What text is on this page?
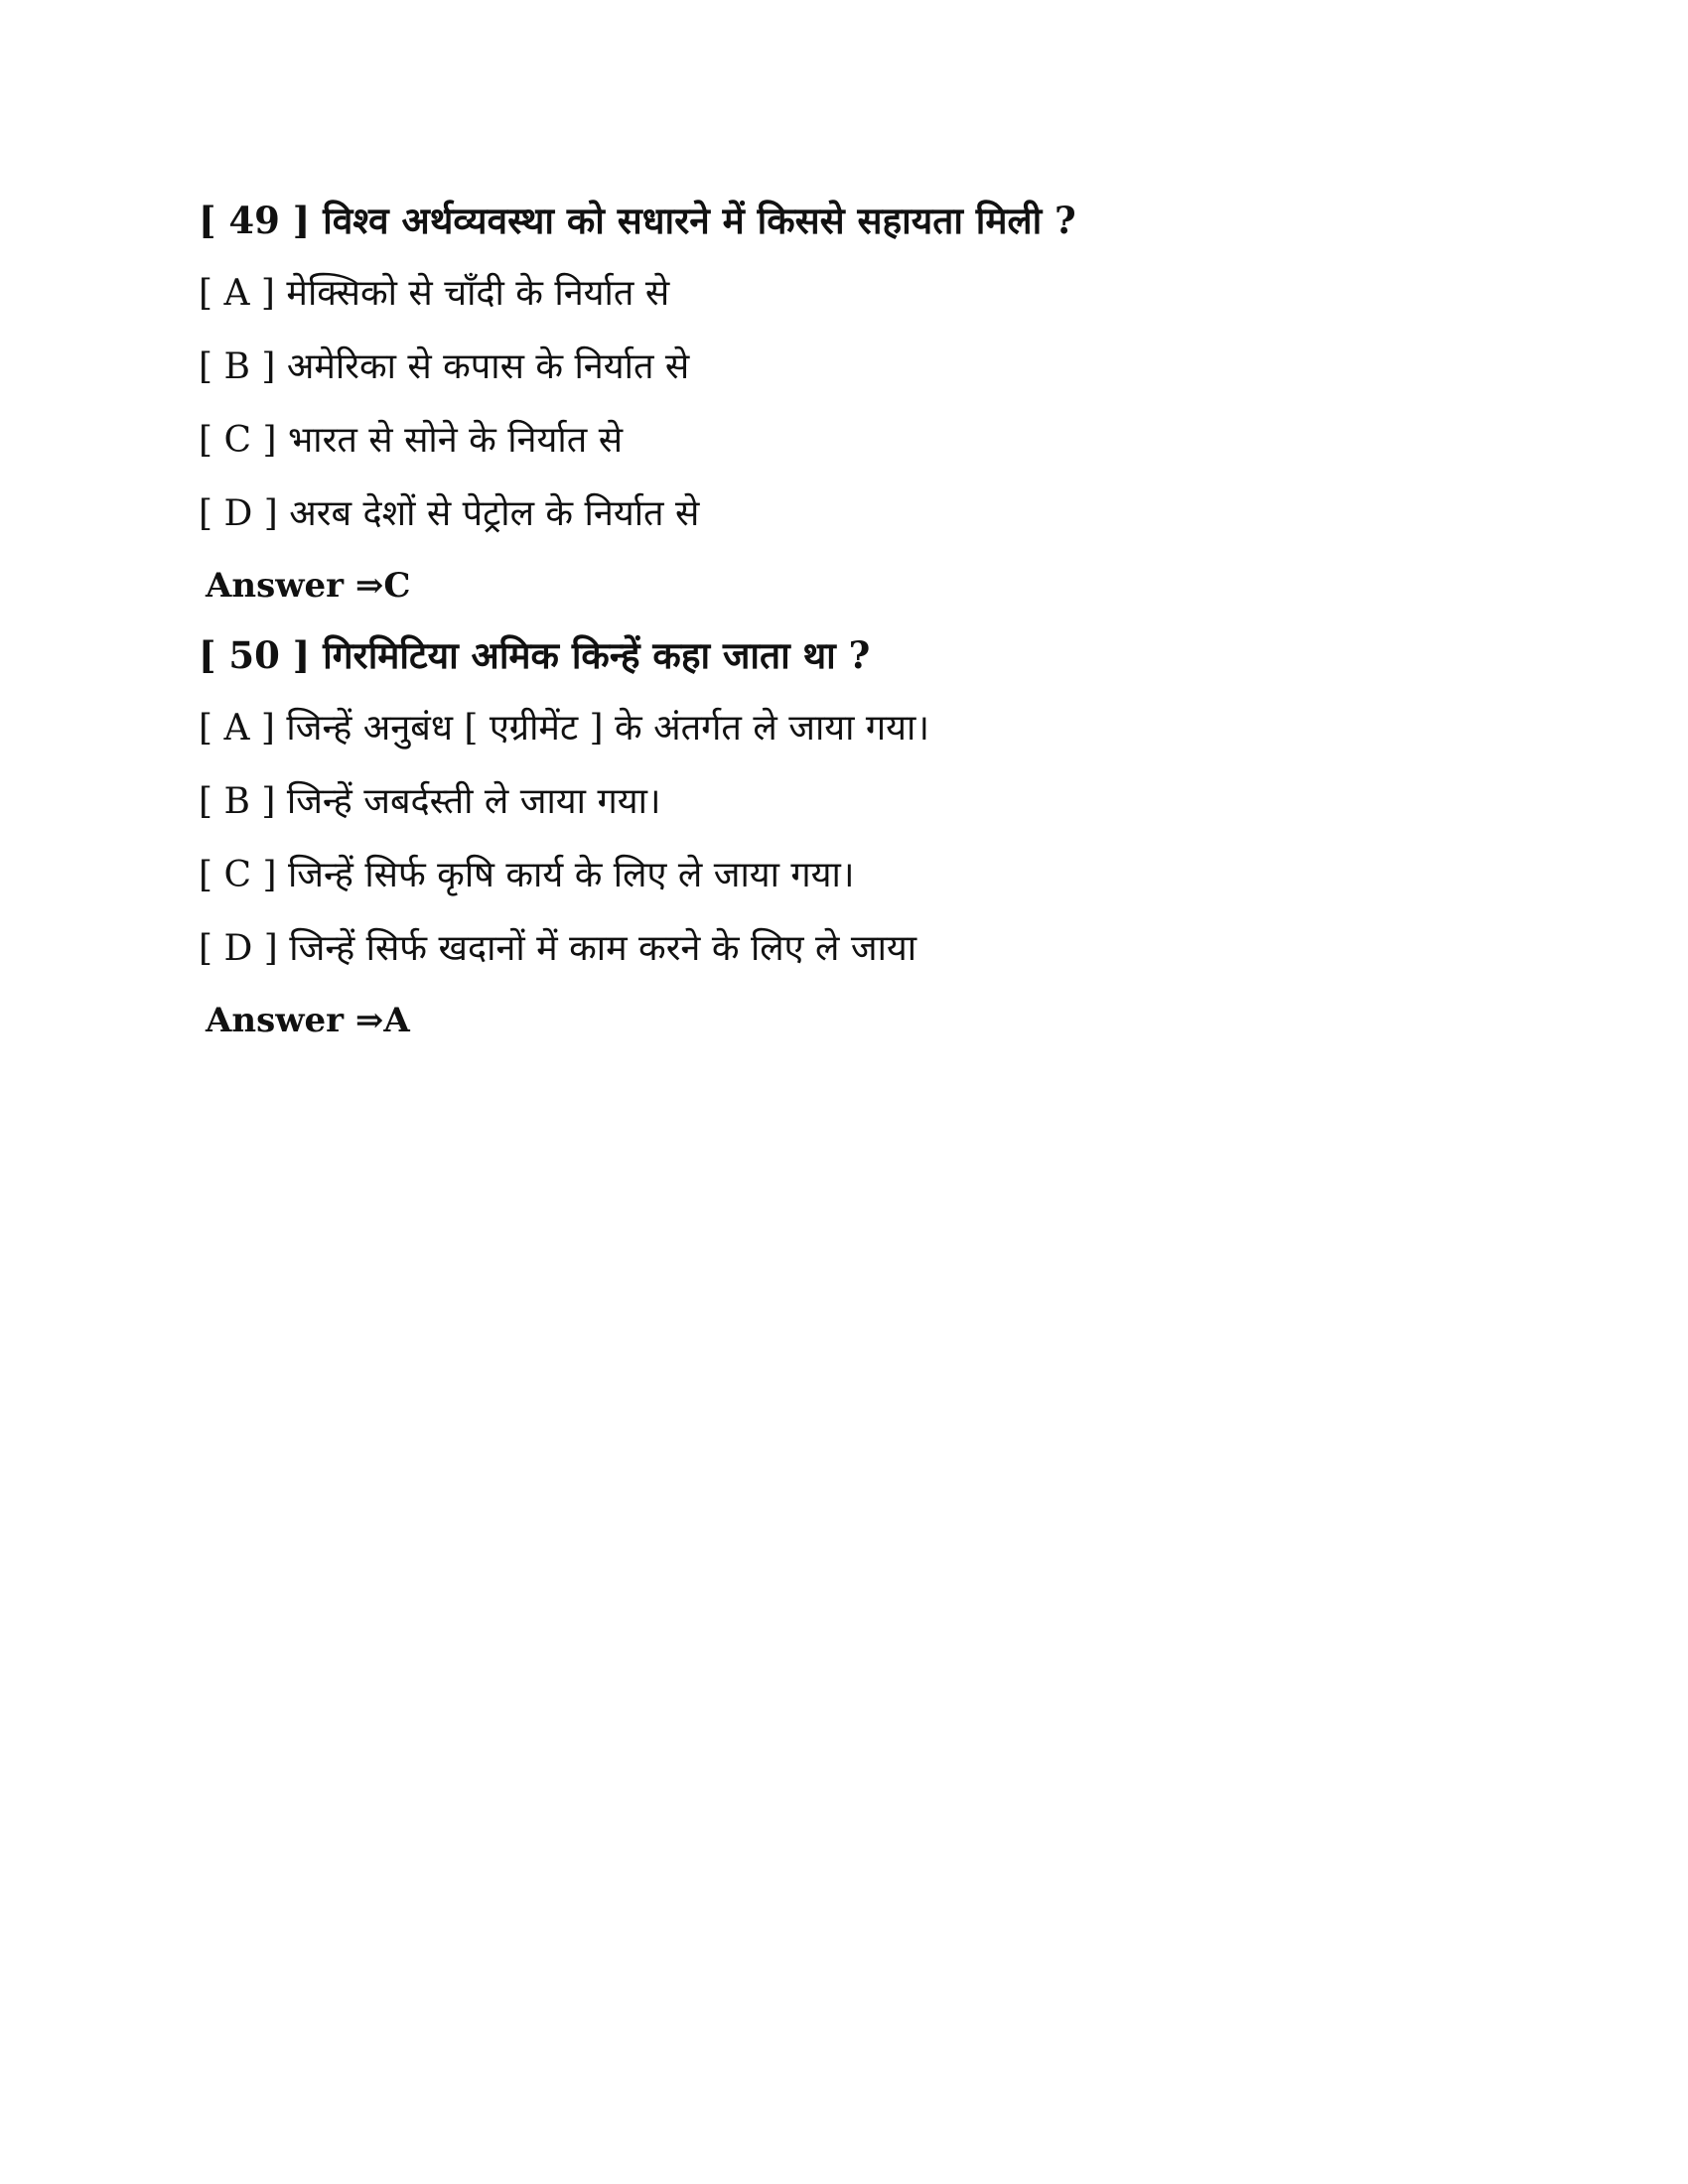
[ 49 ] विश्व अर्थव्यवस्था को सधारने में किससे सहायता मिली ?
[ A ] मेक्सिको से चाँदी के निर्यात से
[ B ] अमेरिका से कपास के निर्यात से
[ C ] भारत से सोने के निर्यात से
[ D ] अरब देशों से पेट्रोल के निर्यात से
Answer ⇒C
[ 50 ] गिरमिटिया अमिक किन्हें कहा जाता था ?
[ A ] जिन्हें अनुबंध [ एग्रीमेंट ] के अंतर्गत ले जाया गया।
[ B ] जिन्हें जबर्दस्ती ले जाया गया।
[ C ] जिन्हें सिर्फ कृषि कार्य के लिए ले जाया गया।
[ D ] जिन्हें सिर्फ खदानों में काम करने के लिए ले जाया
Answer ⇒A
